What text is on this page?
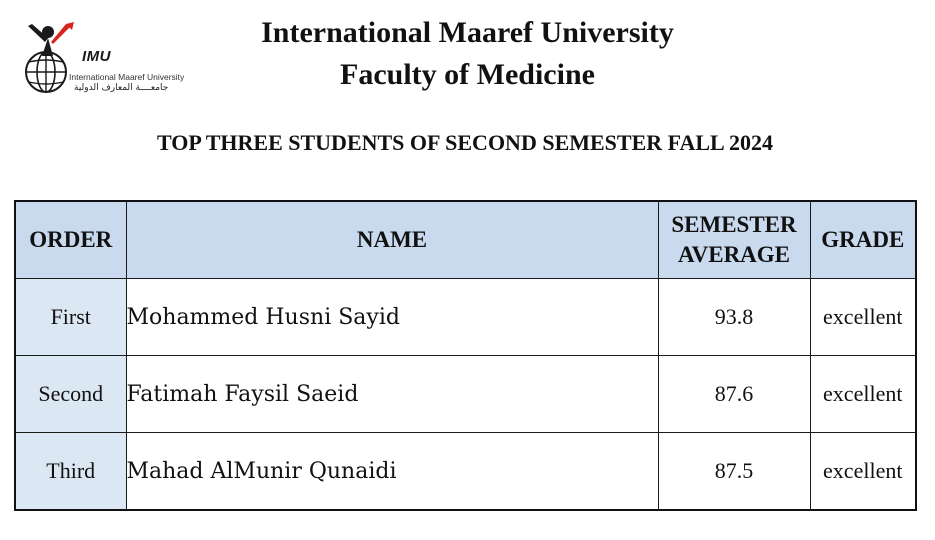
IMU
International Maaref University
جامعــــة المعارف الدولية
International Maaref University
Faculty of Medicine
TOP THREE STUDENTS OF SECOND SEMESTER FALL 2024
ORDER	NAME	SEMESTER AVERAGE	GRADE
First	Mohammed Husni Sayid	93.8	excellent
Second	Fatimah Faysil Saeid	87.6	excellent
Third	Mahad AlMunir Qunaidi	87.5	excellent
